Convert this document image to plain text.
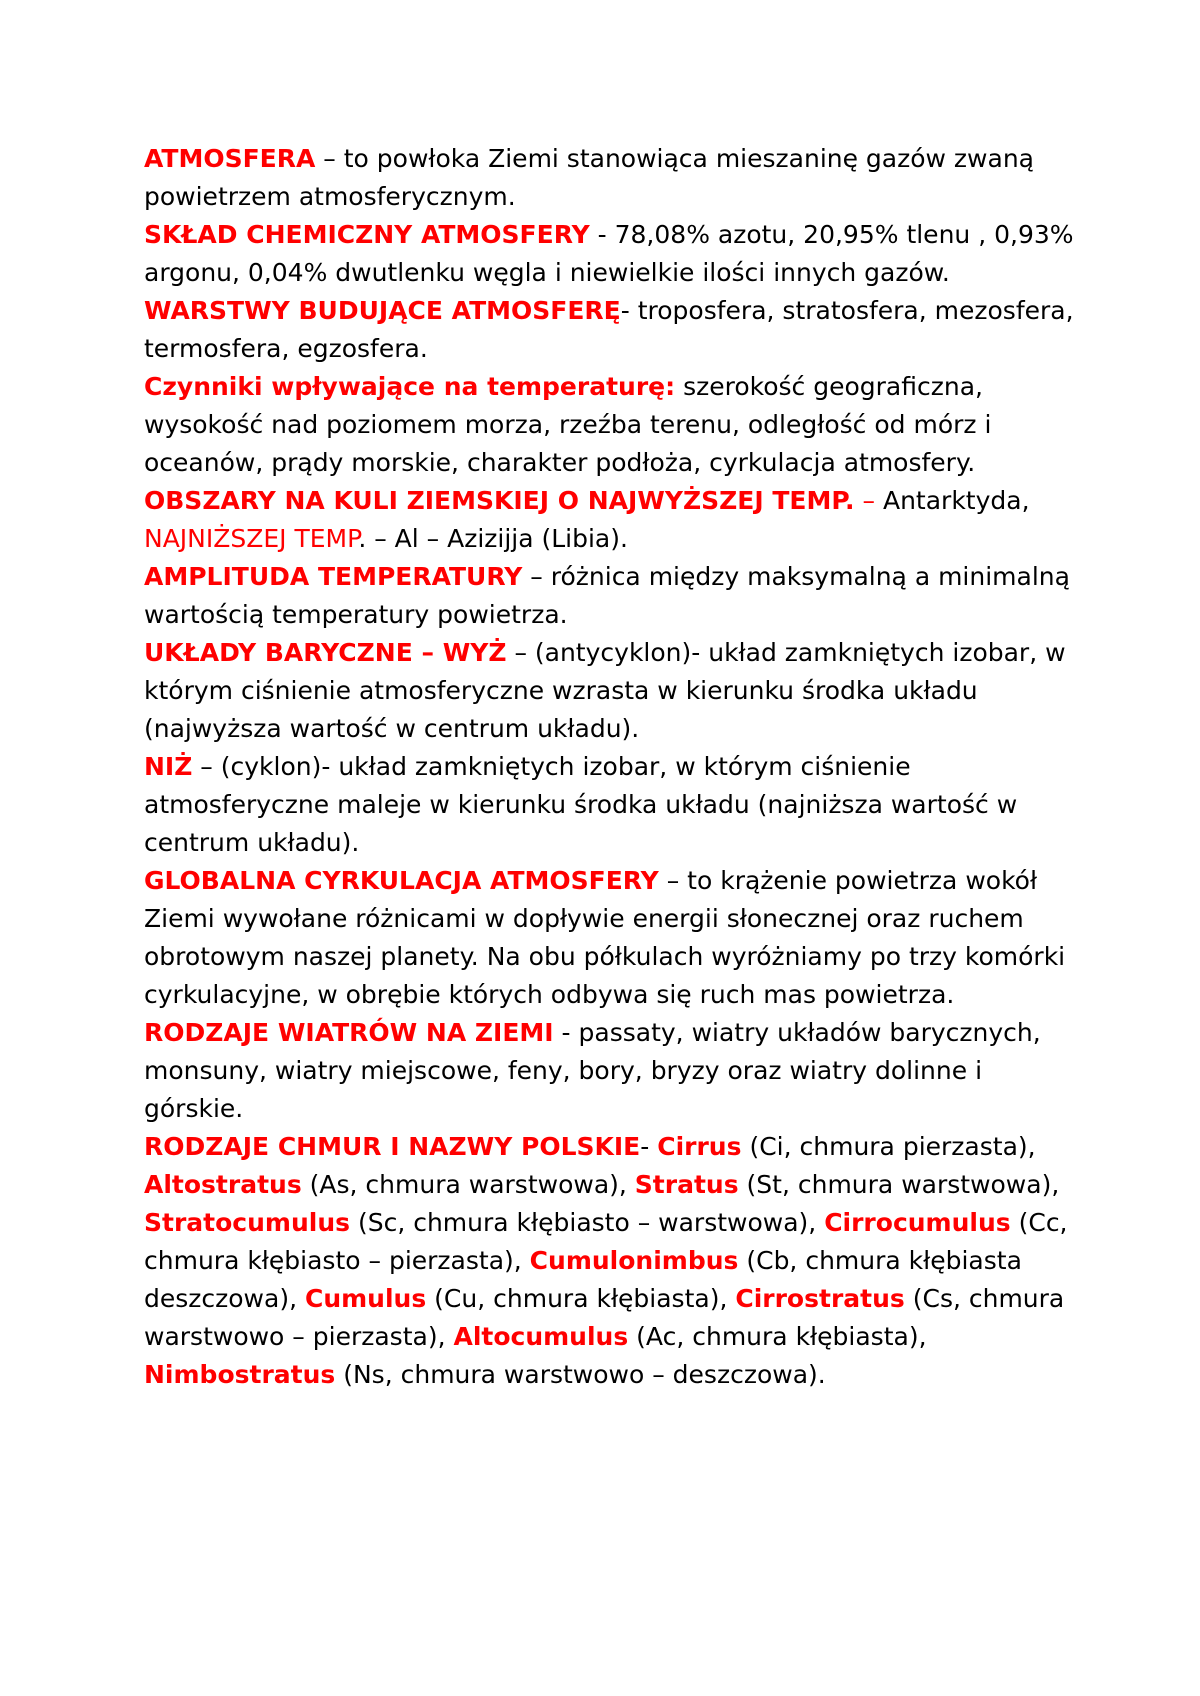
ATMOSFERA – to powłoka Ziemi stanowiąca mieszaninę gazów zwaną powietrzem atmosferycznym.

SKŁAD CHEMICZNY ATMOSFERY - 78,08% azotu, 20,95% tlenu , 0,93% argonu, 0,04% dwutlenku węgla i niewielkie ilości innych gazów.

WARSTWY BUDUJĄCE ATMOSFERĘ- troposfera, stratosfera, mezosfera, termosfera, egzosfera.

Czynniki wpływające na temperaturę: szerokość geograficzna, wysokość nad poziomem morza, rzeźba terenu, odległość od mórz i oceanów, prądy morskie, charakter podłoża, cyrkulacja atmosfery.

OBSZARY NA KULI ZIEMSKIEJ O NAJWYŻSZEJ TEMP. – Antarktyda, NAJNIŻSZEJ TEMP. – Al – Azizijja (Libia).

AMPLITUDA TEMPERATURY – różnica między maksymalną a minimalną wartością temperatury powietrza.

UKŁADY BARYCZNE – WYŻ – (antycyklon)- układ zamkniętych izobar, w którym ciśnienie atmosferyczne wzrasta w kierunku środka układu (najwyższa wartość w centrum układu).

NIŻ – (cyklon)- układ zamkniętych izobar, w którym ciśnienie atmosferyczne maleje w kierunku środka układu (najniższa wartość w centrum układu).

GLOBALNA CYRKULACJA ATMOSFERY – to krążenie powietrza wokół Ziemi wywołane różnicami w dopływie energii słonecznej oraz ruchem obrotowym naszej planety. Na obu półkulach wyróżniamy po trzy komórki cyrkulacyjne, w obrębie których odbywa się ruch mas powietrza.

RODZAJE WIATRÓW NA ZIEMI - passaty, wiatry układów barycznych, monsuny, wiatry miejscowe, feny, bory, bryzy oraz wiatry dolinne i górskie.

RODZAJE CHMUR I NAZWY POLSKIE- Cirrus (Ci, chmura pierzasta), Altostratus (As, chmura warstwowa), Stratus (St, chmura warstwowa), Stratocumulus (Sc, chmura kłębiasto – warstwowa), Cirrocumulus (Cc, chmura kłębiasto – pierzasta), Cumulonimbus (Cb, chmura kłębiasta deszczowa), Cumulus (Cu, chmura kłębiasta), Cirrostratus (Cs, chmura warstwowo – pierzasta), Altocumulus (Ac, chmura kłębiasta), Nimbostratus (Ns, chmura warstwowo – deszczowa).
